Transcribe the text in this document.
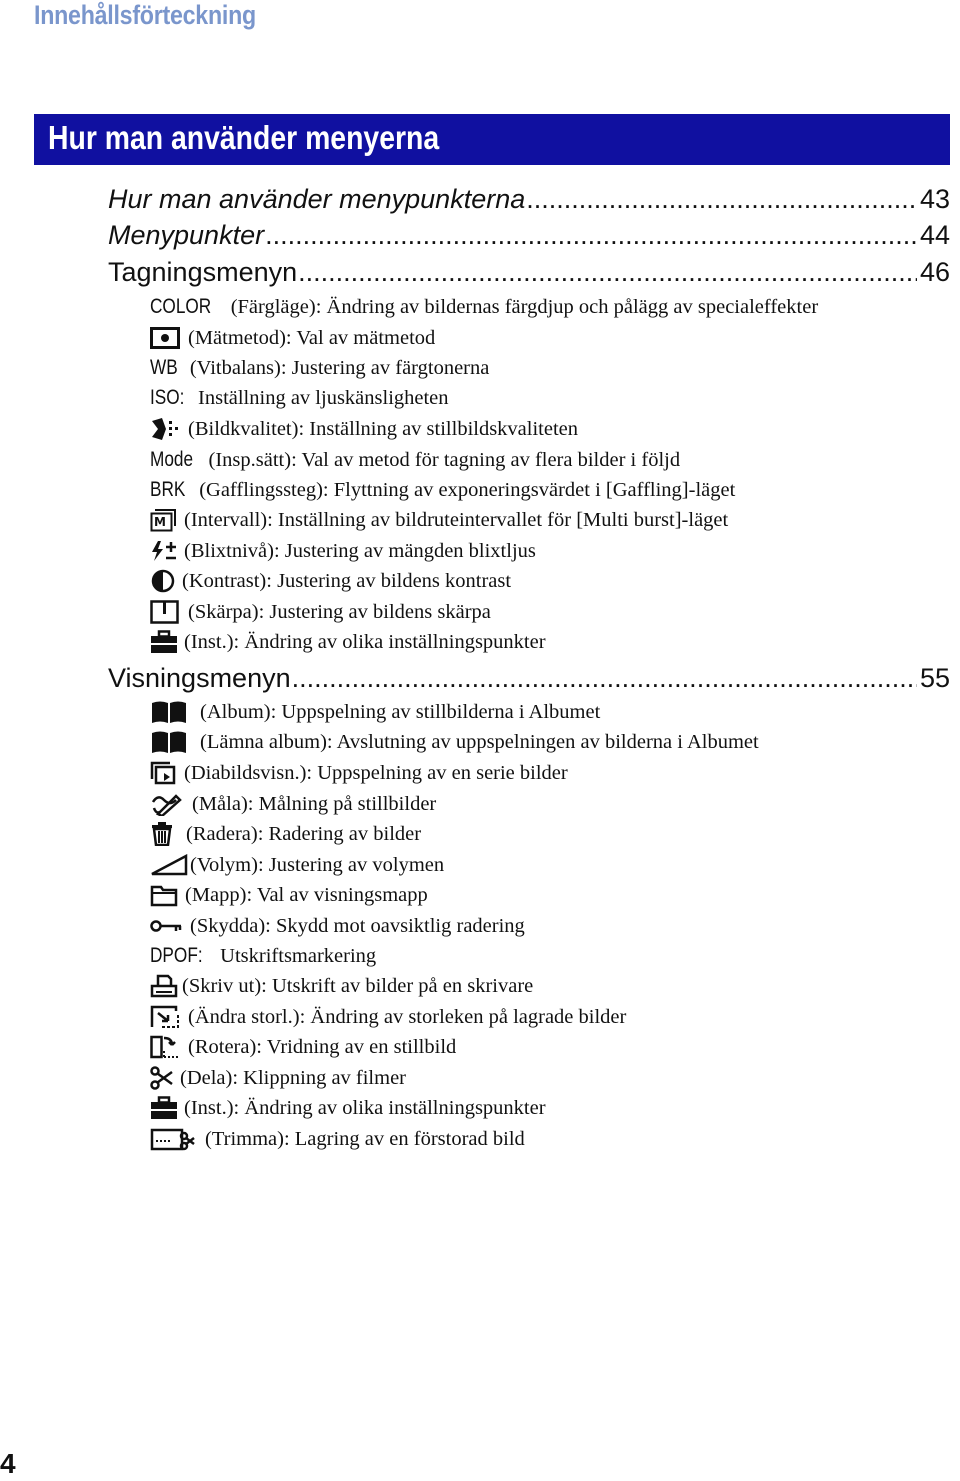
Innehållsförteckning
Hur man använder menyerna
Hur man använder menypunkterna .....	43
Menypunkter .....	44
Tagningsmenyn .....	46
COLOR (Färgläge): Ändring av bildernas färgdjup och pålägg av specialeffekter
(Mätmetod): Val av mätmetod
WB (Vitbalans): Justering av färgtonerna
ISO: Inställning av ljuskänsligheten
(Bildkvalitet): Inställning av stillbildskvaliteten
Mode (Insp.sätt): Val av metod för tagning av flera bilder i följd
BRK (Gafflingssteg): Flyttning av exponeringsvärdet i [Gaffling]-läget
M (Intervall): Inställning av bildruteintervallet för [Multi burst]-läget
(Blixtnivå): Justering av mängden blixtljus
(Kontrast): Justering av bildens kontrast
(Skärpa): Justering av bildens skärpa
(Inst.): Ändring av olika inställningspunkter
Visningsmenyn .....	55
(Album): Uppspelning av stillbilderna i Albumet
(Lämna album): Avslutning av uppspelningen av bilderna i Albumet
(Diabildsvisn.): Uppspelning av en serie bilder
(Måla): Målning på stillbilder
(Radera): Radering av bilder
(Volym): Justering av volymen
(Mapp): Val av visningsmapp
(Skydda): Skydd mot oavsiktlig radering
DPOF: Utskriftsmarkering
(Skriv ut): Utskrift av bilder på en skrivare
(Ändra storl.): Ändring av storleken på lagrade bilder
(Rotera): Vridning av en stillbild
(Dela): Klippning av filmer
(Inst.): Ändring av olika inställningspunkter
(Trimma): Lagring av en förstorad bild
4
